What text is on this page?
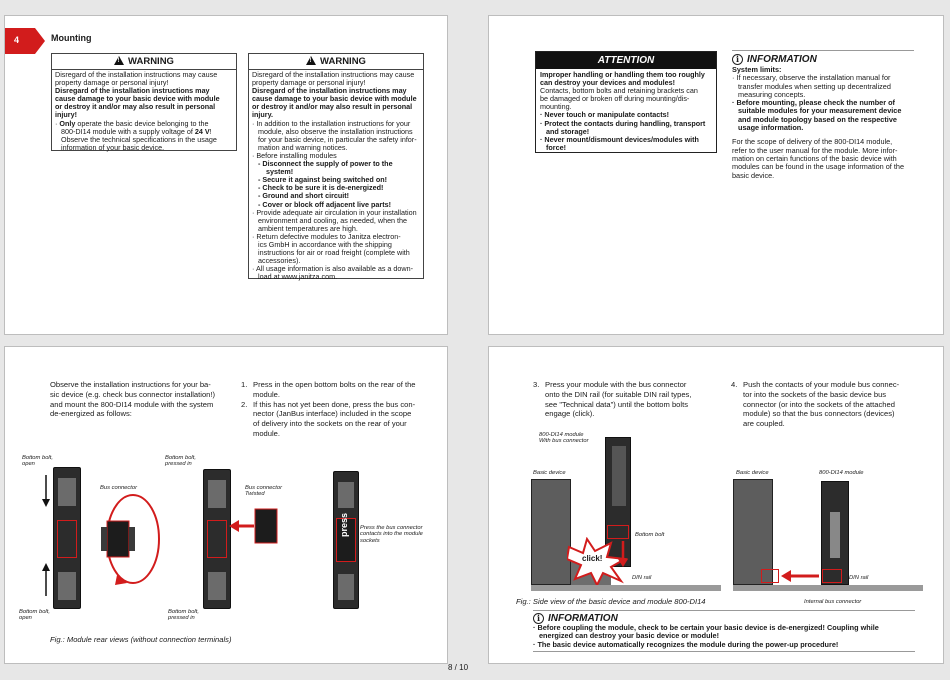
4	Mounting
!WARNING

Disregard of the installation instructions may cause

property damage or personal injury!

Disregard of the installation instructions may

cause damage to your basic device with module

or destroy it and/or may also result in personal

injury!

· Only operate the basic device belonging to the

800-DI14 module with a supply voltage of 24 V!

Observe the technical specifications in the usage

information of your basic device.

!WARNING

Disregard of the installation instructions may cause

property damage or personal injury!

Disregard of the installation instructions may

cause damage to your basic device with module

or destroy it and/or may also result in personal

injury.

· In addition to the installation instructions for your

module, also observe the installation instructions

for your basic device, in particular the safety infor-

mation and warning notices.

· Before installing modules

- Disconnect the supply of power to the

system!

- Secure it against being switched on!

- Check to be sure it is de-energized!

- Ground and short circuit!

- Cover or block off adjacent live parts!

· Provide adequate air circulation in your installation

environment and cooling, as needed, when the

ambient temperatures are high.

· Return defective modules to Janitza electron-

ics GmbH in accordance with the shipping

instructions for air or road freight (complete with

accessories).

· All usage information is also available as a down-

load at www.janitza.com.

ATTENTION

Improper handling or handling them too roughly

can destroy your devices and modules!

Contacts, bottom bolts and retaining brackets can

be damaged or broken off during mounting/dis-

mounting.

· Never touch or manipulate contacts!

· Protect the contacts during handling, transport

and storage!

· Never mount/dismount devices/modules with

force!

i INFORMATION

System limits:

· If necessary, observe the installation manual for

transfer modules when setting up decentralized

measuring concepts.

· Before mounting, please check the number of

suitable modules for your measurement device

and module topology based on the respective

usage information.

For the scope of delivery of the 800-DI14 module,

refer to the user manual for the module. More infor-

mation on certain functions of the basic device with

modules can be found in the usage information of the

basic device.

Observe the installation instructions for your ba-

sic device (e.g. check bus connector installation!)

and mount the 800-DI14 module with the system

de-energized as follows:

1. Press in the open bottom bolts on the rear of the

module.

2. If this has not yet been done, press the bus con-

nector (JanBus interface) included in the scope

of delivery into the sockets on the rear of your

module.

Bottom bolt,

open

Bottom bolt,

pressed in

Bus connector	Bus connector

Twisted

Press the bus connector

contacts into the module

sockets

Bottom bolt,

open

Bottom bolt,

pressed in

press
Fig.: Module rear views (without connection terminals)
3. Press your module with the bus connector

onto the DIN rail (for suitable DIN rail types,

see "Technical data") until the bottom bolts

engage (click).

4. Push the contacts of your module bus connec-

tor into the sockets of the basic device bus

connector (or into the sockets of the attached

module) so that the bus connectors (devices)

are coupled.

800-DI14 module

With bus connector

Basic device
click!
Bottom bolt
DIN rail
Basic device	800-DI14 module
DIN rail
Internal bus connector
Fig.: Side view of the basic device and module 800-DI14
i INFORMATION

· Before coupling the module, check to be certain your basic device is de-energized! Coupling while

energized can destroy your basic device or module!

· The basic device automatically recognizes the module during the power-up procedure!

8 / 10
